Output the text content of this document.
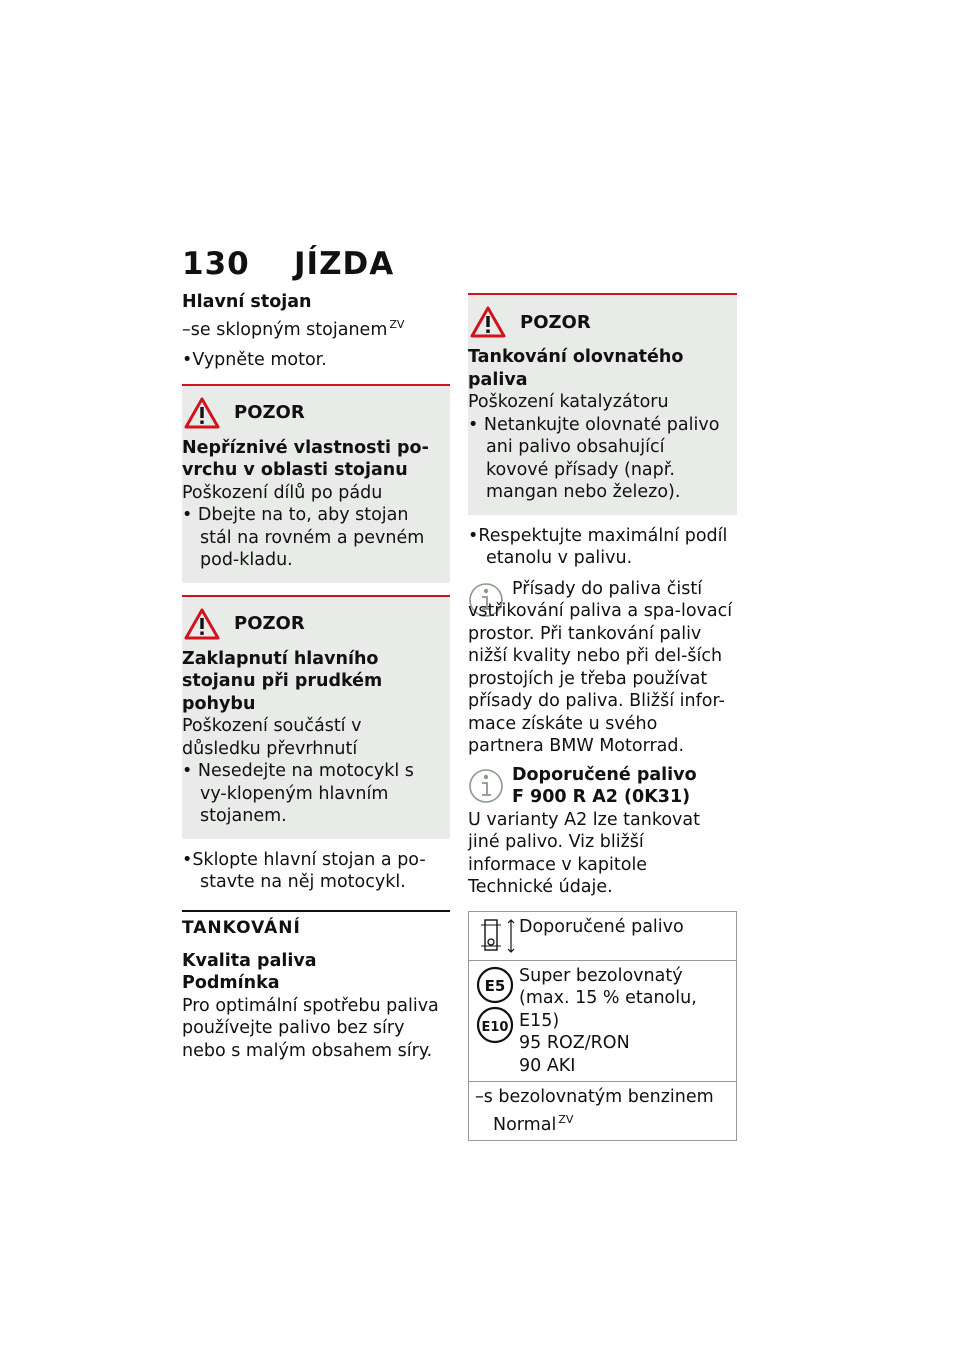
130 JÍZDA
Hlavní stojan
–se sklopným stojanem $^{ZV}$
•Vypněte motor.
POZOR
Nepříznivé vlastnosti po-vrchu v oblasti stojanu
Poškození dílů po pádu
• Dbejte na to, aby stojan stál na rovném a pevném pod-kladu.
POZOR
Zaklapnutí hlavního stojanu při prudkém pohybu
Poškození součástí v důsledku převrhnutí
• Nesedejte na motocykl s vy-klopeným hlavním stojanem.
•Sklopte hlavní stojan a po-stavte na něj motocykl.
TANKOVÁNÍ
Kvalita paliva
Podmínka
Pro optimální spotřebu paliva používejte palivo bez síry nebo s malým obsahem síry.
POZOR
Tankování olovnatého paliva
Poškození katalyzátoru
• Netankujte olovnaté palivo ani palivo obsahující kovové přísady (např. mangan nebo železo).
•Respektujte maximální podíl etanolu v palivu.
Přísady do paliva čistí vstřikování paliva a spa-lovací prostor. Při tankování paliv nižší kvality nebo při del-ších prostojích je třeba používat přísady do paliva. Bližší infor-mace získáte u svého partnera BMW Motorrad.
Doporučené palivo
F 900 R A2 (0K31)
U varianty A2 lze tankovat jiné palivo. Viz bližší informace v kapitole Technické údaje.
Doporučené palivo

E5
E10
Super bezolovnatý (max. 15 % etanolu, E15)
95 ROZ/RON
90 AKI

–s bezolovnatým benzinem Normal $^{ZV}$
